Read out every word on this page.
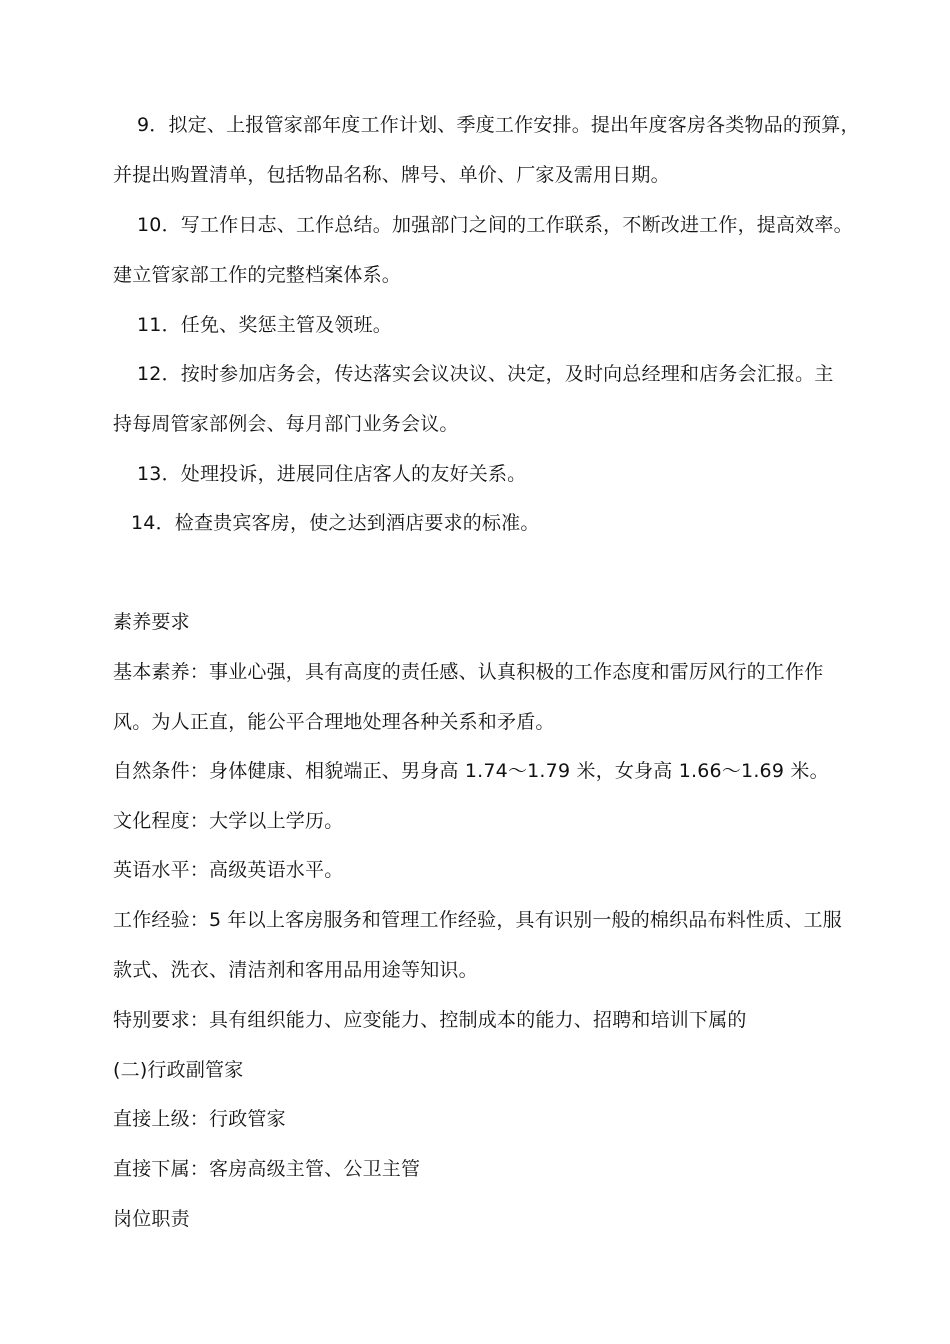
9．拟定、上报管家部年度工作计划、季度工作安排。提出年度客房各类物品的预算，
并提出购置清单，包括物品名称、牌号、单价、厂家及需用日期。
10．写工作日志、工作总结。加强部门之间的工作联系，不断改进工作，提高效率。
建立管家部工作的完整档案体系。
11．任免、奖惩主管及领班。
12．按时参加店务会，传达落实会议决议、决定，及时向总经理和店务会汇报。主
持每周管家部例会、每月部门业务会议。
13．处理投诉，进展同住店客人的友好关系。
14．检查贵宾客房，使之达到酒店要求的标准。
素养要求
基本素养：事业心强，具有高度的责任感、认真积极的工作态度和雷厉风行的工作作
风。为人正直，能公平合理地处理各种关系和矛盾。
自然条件：身体健康、相貌端正、男身高 1.74～1.79 米，女身高 1.66～1.69 米。
文化程度：大学以上学历。
英语水平：高级英语水平。
工作经验：5 年以上客房服务和管理工作经验，具有识别一般的棉织品布料性质、工服
款式、洗衣、清洁剂和客用品用途等知识。
特别要求：具有组织能力、应变能力、控制成本的能力、招聘和培训下属的
(二)行政副管家
直接上级：行政管家
直接下属：客房高级主管、公卫主管
岗位职责
